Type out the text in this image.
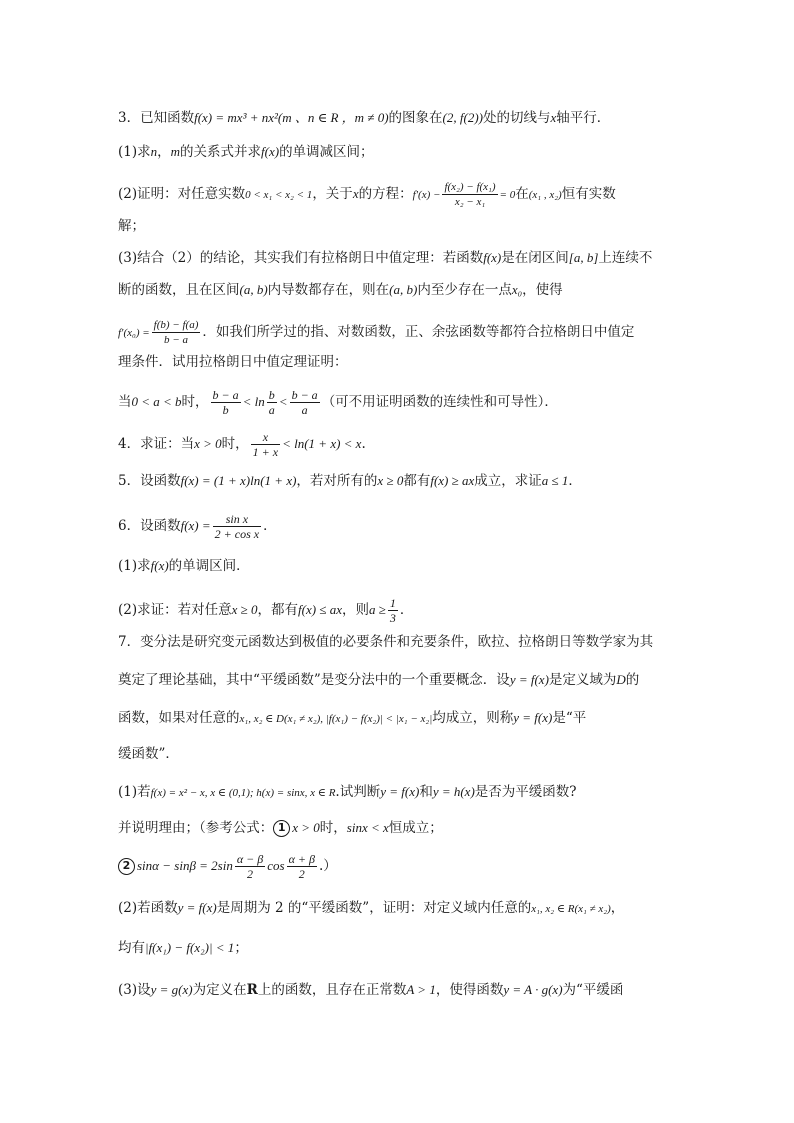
3．已知函数f(x) = mx³ + nx²(m 、n ∈ R ，m ≠ 0)的图象在(2, f(2))处的切线与x轴平行．
(1)求n，m的关系式并求f(x)的单调减区间；
(2)证明：对任意实数0 < x₁ < x₂ < 1，关于x的方程：$f'(x) - \frac{\text{f(x₂) − f(x₁)}}{\text{x₂ − x₁}} = 0$在(x₁ , x₂)恒有实数
解；
(3)结合（2）的结论，其实我们有拉格朗日中值定理：若函数f(x)是在闭区间[a, b]上连续不
断的函数，且在区间(a, b)内导数都存在，则在(a, b)内至少存在一点x₀，使得
$f'(x_0) = \frac{f(b) - f(a)}{b - a}$ ．如我们所学过的指、对数函数，正、余弦函数等都符合拉格朗日中值定
理条件．试用拉格朗日中值定理证明：
当0 < a < b时， $\frac{b - a}{b} < \ln \frac{b}{a} < \frac{b - a}{a}$ （可不用证明函数的连续性和可导性）．
4．求证：当x > 0时， $\frac{x}{1 + x} < \ln(1 + x) < x$.
5．设函数f(x) = (1 + x)ln(1 + x)，若对所有的x ≥ 0都有f(x) ≥ ax成立，求证a ≤ 1．
6．设函数$f(x) = \frac{\text{sin x}}{\text{2 + cos x}}$ ．
(1)求f(x)的单调区间．
(2)求证：若对任意x ≥ 0，都有f(x) ≤ ax，则$a \ge \frac{1}{3}$ ．
7．变分法是研究变元函数达到极值的必要条件和充要条件，欧拉、拉格朗日等数学家为其
奠定了理论基础，其中“平缓函数”是变分法中的一个重要概念．设y = f(x)是定义域为D的
函数，如果对任意的x₁, x₂ ∈ D(x₁ ≠ x₂), |f(x₁) − f(x₂)| < |x₁ − x₂|均成立，则称y = f(x)是“平
缓函数”．
(1)若f(x) = x² − x, x ∈ (0,1); h(x) = sinx, x ∈ R.试判断y = f(x)和y = h(x)是否为平缓函数?
并说明理由；（参考公式： 1 x > 0时，sinx < x恒成立；
2 $\sin\alpha - \sin\beta = 2\sin \frac{\alpha - \beta}{2}$ $\cos \frac{\alpha + \beta}{2}$ .）
(2)若函数y = f(x)是周期为 2 的“平缓函数”，证明：对定义域内任意的x₁, x₂ ∈ R(x₁ ≠ x₂)，
均有|f(x₁) − f(x₂)| < 1；
(3)设y = g(x)为定义在R上的函数，且存在正常数A > 1，使得函数y = A · g(x)为“平缓函
